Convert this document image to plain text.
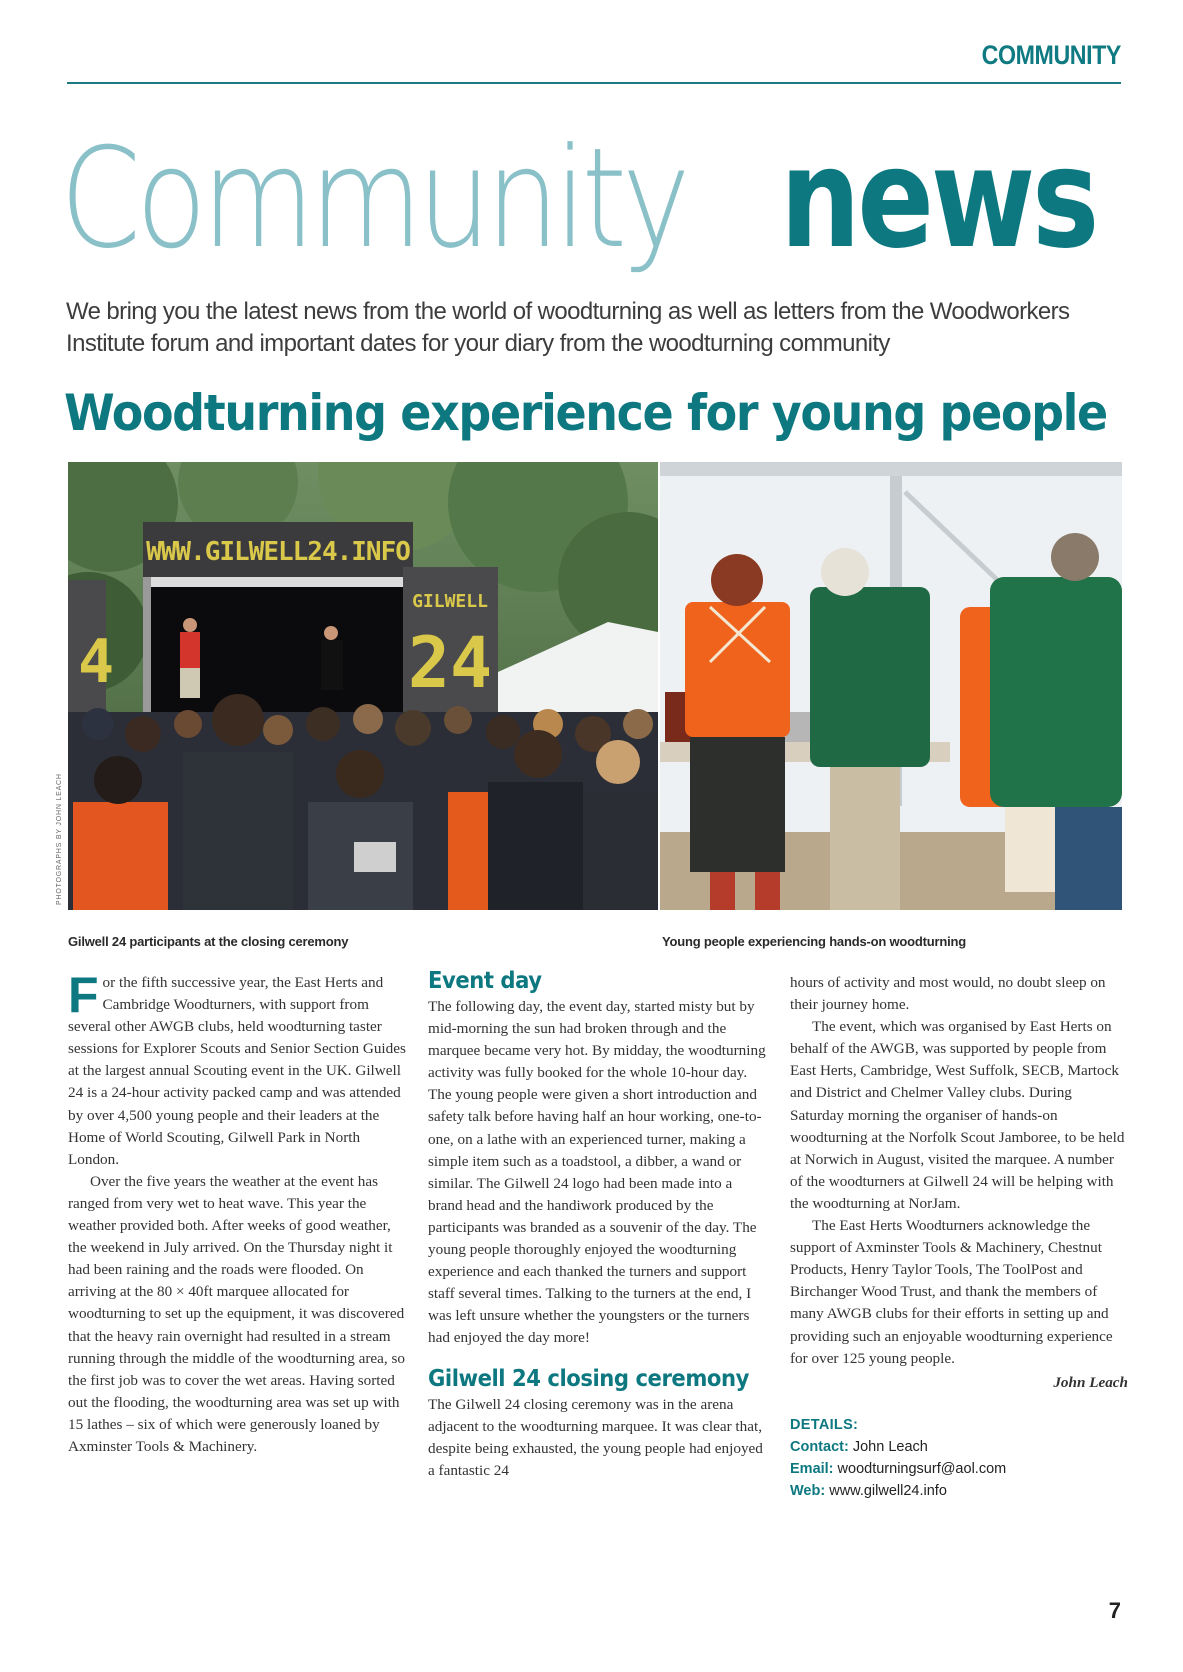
COMMUNITY
Community news
We bring you the latest news from the world of woodturning as well as letters from the Woodworkers Institute forum and important dates for your diary from the woodturning community
Woodturning experience for young people
WWW.GILWELL24.INFO
GILWELL
24
4
PHOTOGRAPHS BY JOHN LEACH
Gilwell 24 participants at the closing ceremony	Young people experiencing hands-on woodturning

For the fifth successive year, the East Herts and Cambridge Woodturners, with support from several other AWGB clubs, held woodturning taster sessions for Explorer Scouts and Senior Section Guides at the largest annual Scouting event in the UK. Gilwell 24 is a 24-hour activity packed camp and was attended by over 4,500 young people and their leaders at the Home of World Scouting, Gilwell Park in North London.

Over the five years the weather at the event has ranged from very wet to heat wave. This year the weather provided both. After weeks of good weather, the weekend in July arrived. On the Thursday night it had been raining and the roads were flooded. On arriving at the 80 × 40ft marquee allocated for woodturning to set up the equipment, it was discovered that the heavy rain overnight had resulted in a stream running through the middle of the woodturning area, so the first job was to cover the wet areas. Having sorted out the flooding, the woodturning area was set up with 15 lathes – six of which were generously loaned by Axminster Tools & Machinery.

Event day

The following day, the event day, started misty but by mid-morning the sun had broken through and the marquee became very hot. By midday, the woodturning activity was fully booked for the whole 10-hour day. The young people were given a short introduction and safety talk before having half an hour working, one-to-one, on a lathe with an experienced turner, making a simple item such as a toadstool, a dibber, a wand or similar. The Gilwell 24 logo had been made into a brand head and the handiwork produced by the participants was branded as a souvenir of the day. The young people thoroughly enjoyed the woodturning experience and each thanked the turners and support staff several times. Talking to the turners at the end, I was left unsure whether the youngsters or the turners had enjoyed the day more!

Gilwell 24 closing ceremony

The Gilwell 24 closing ceremony was in the arena adjacent to the woodturning marquee. It was clear that, despite being exhausted, the young people had enjoyed a fantastic 24

hours of activity and most would, no doubt sleep on their journey home.

The event, which was organised by East Herts on behalf of the AWGB, was supported by people from East Herts, Cambridge, West Suffolk, SECB, Martock and District and Chelmer Valley clubs. During Saturday morning the organiser of hands-on woodturning at the Norfolk Scout Jamboree, to be held at Norwich in August, visited the marquee. A number of the woodturners at Gilwell 24 will be helping with the woodturning at NorJam.

The East Herts Woodturners acknowledge the support of Axminster Tools & Machinery, Chestnut Products, Henry Taylor Tools, The ToolPost and Birchanger Wood Trust, and thank the members of many AWGB clubs for their efforts in setting up and providing such an enjoyable woodturning experience for over 125 young people.

John Leach
DETAILS:
Contact: John Leach
Email: woodturningsurf@aol.com
Web: www.gilwell24.info
7
